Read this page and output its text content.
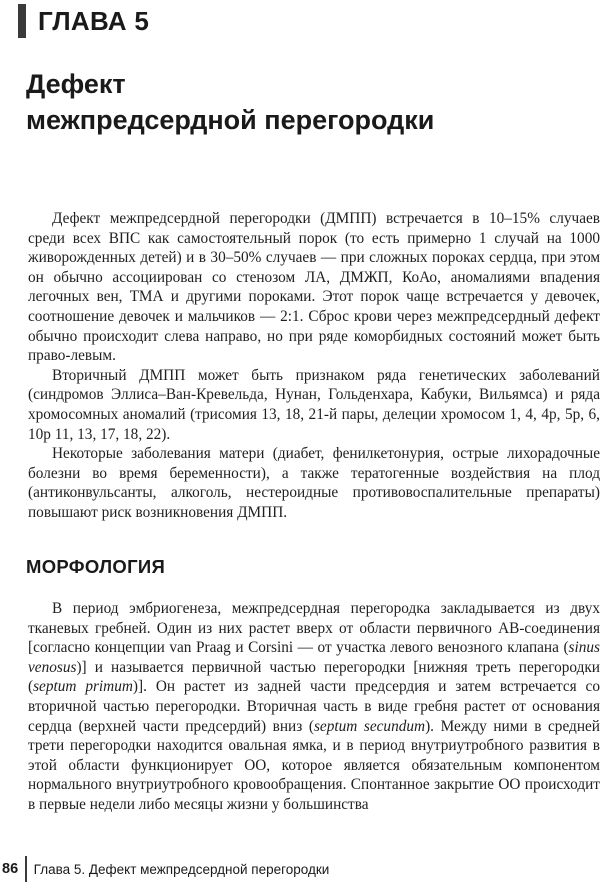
ГЛАВА 5
Дефект
межпредсердной перегородки

Дефект межпредсердной перегородки (ДМПП) встречается в 10–15% случаев среди всех ВПС как самостоятельный порок (то есть примерно 1 случай на 1000 живорожденных детей) и в 30–50% случаев — при сложных пороках сердца, при этом он обычно ассоциирован со стенозом ЛА, ДМЖП, КоАо, аномалиями впадения легочных вен, ТМА и другими пороками. Этот порок чаще встречается у девочек, соотношение девочек и мальчиков — 2:1. Сброс крови через межпредсердный дефект обычно происходит слева направо, но при ряде коморбидных состояний может быть право-левым.

Вторичный ДМПП может быть признаком ряда генетических заболеваний (синдромов Эллиса–Ван-Кревельда, Нунан, Гольденхара, Кабуки, Вильямса) и ряда хромосомных аномалий (трисомия 13, 18, 21-й пары, делеции хромосом 1, 4, 4p, 5p, 6, 10p 11, 13, 17, 18, 22).

Некоторые заболевания матери (диабет, фенилкетонурия, острые лихорадочные болезни во время беременности), а также тератогенные воздействия на плод (антиконвульсанты, алкоголь, нестероидные противовоспалительные препараты) повышают риск возникновения ДМПП.

МОРФОЛОГИЯ

В период эмбриогенеза, межпредсердная перегородка закладывается из двух тканевых гребней. Один из них растет вверх от области первичного АВ-соединения [согласно концепции van Praag и Corsini — от участка левого венозного клапана (sinus venosus)] и называется первичной частью перегородки [нижняя треть перегородки (septum primum)]. Он растет из задней части предсердия и затем встречается со вторичной частью перегородки. Вторичная часть в виде гребня растет от основания сердца (верхней части предсердий) вниз (septum secundum). Между ними в средней трети перегородки находится овальная ямка, и в период внутриутробного развития в этой области функционирует ОО, которое является обязательным компонентом нормального внутриутробного кровообращения. Спонтанное закрытие ОО происходит в первые недели либо месяцы жизни у большинства

86 Глава 5. Дефект межпредсердной перегородки
